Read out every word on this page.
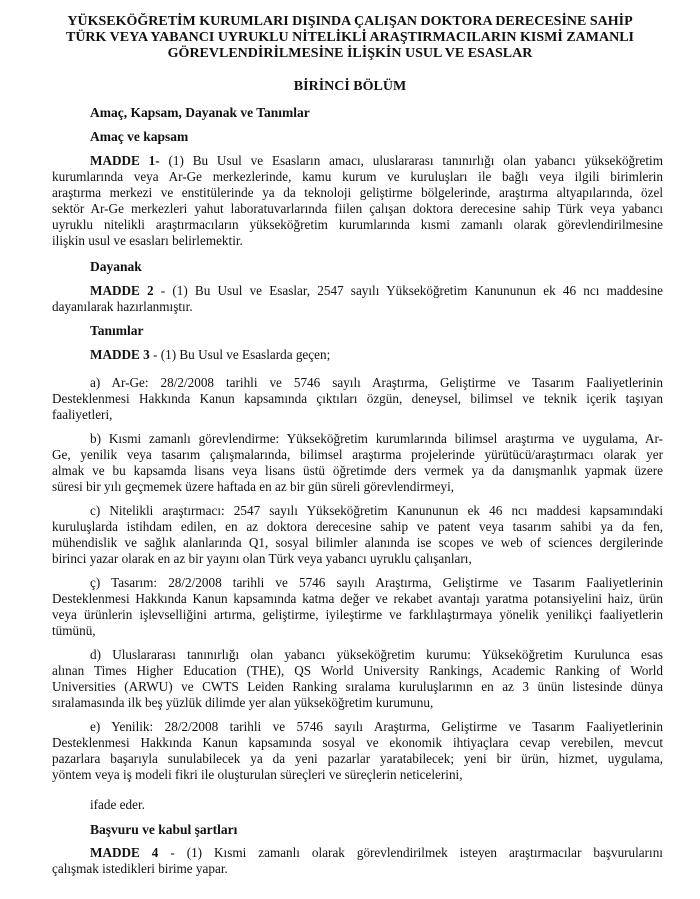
YÜKSEKÖĞRETİM KURUMLARI DIŞINDA ÇALIŞAN DOKTORA DERECESİNE SAHİP
TÜRK VEYA YABANCI UYRUKLU NİTELİKLİ ARAŞTIRMACILARIN KISMİ ZAMANLI
GÖREVLENDİRİLMESİNE İLİŞKİN USUL VE ESASLAR
BİRİNCİ BÖLÜM
Amaç, Kapsam, Dayanak ve Tanımlar
Amaç ve kapsam
MADDE 1- (1) Bu Usul ve Esasların amacı, uluslararası tanınırlığı olan yabancı yükseköğretim
kurumlarında veya Ar-Ge merkezlerinde, kamu kurum ve kuruluşları ile bağlı veya ilgili birimlerin
araştırma merkezi ve enstitülerinde ya da teknoloji geliştirme bölgelerinde, araştırma altyapılarında, özel
sektör Ar-Ge merkezleri yahut laboratuvarlarında fiilen çalışan doktora derecesine sahip Türk veya yabancı
uyruklu nitelikli araştırmacıların yükseköğretim kurumlarında kısmi zamanlı olarak görevlendirilmesine
ilişkin usul ve esasları belirlemektir.
Dayanak
MADDE 2 - (1) Bu Usul ve Esaslar, 2547 sayılı Yükseköğretim Kanununun ek 46 ncı maddesine
dayanılarak hazırlanmıştır.
Tanımlar

MADDE 3 - (1) Bu Usul ve Esaslarda geçen;

a) Ar-Ge: 28/2/2008 tarihli ve 5746 sayılı Araştırma, Geliştirme ve Tasarım Faaliyetlerinin
Desteklenmesi Hakkında Kanun kapsamında çıktıları özgün, deneysel, bilimsel ve teknik içerik taşıyan
faaliyetleri,
b) Kısmi zamanlı görevlendirme: Yükseköğretim kurumlarında bilimsel araştırma ve uygulama, Ar-
Ge, yenilik veya tasarım çalışmalarında, bilimsel araştırma projelerinde yürütücü/araştırmacı olarak yer
almak ve bu kapsamda lisans veya lisans üstü öğretimde ders vermek ya da danışmanlık yapmak üzere
süresi bir yılı geçmemek üzere haftada en az bir gün süreli görevlendirmeyi,
c) Nitelikli araştırmacı: 2547 sayılı Yükseköğretim Kanununun ek 46 ncı maddesi kapsamındaki
kuruluşlarda istihdam edilen, en az doktora derecesine sahip ve patent veya tasarım sahibi ya da fen,
mühendislik ve sağlık alanlarında Q1, sosyal bilimler alanında ise scopes ve web of sciences dergilerinde
birinci yazar olarak en az bir yayını olan Türk veya yabancı uyruklu çalışanları,
ç) Tasarım: 28/2/2008 tarihli ve 5746 sayılı Araştırma, Geliştirme ve Tasarım Faaliyetlerinin
Desteklenmesi Hakkında Kanun kapsamında katma değer ve rekabet avantajı yaratma potansiyelini haiz, ürün
veya ürünlerin işlevselliğini artırma, geliştirme, iyileştirme ve farklılaştırmaya yönelik yenilikçi faaliyetlerin
tümünü,
d) Uluslararası tanınırlığı olan yabancı yükseköğretim kurumu: Yükseköğretim Kurulunca esas
alınan Times Higher Education (THE), QS World University Rankings, Academic Ranking of World
Universities (ARWU) ve CWTS Leiden Ranking sıralama kuruluşlarının en az 3 ünün listesinde dünya
sıralamasında ilk beş yüzlük dilimde yer alan yükseköğretim kurumunu,
e) Yenilik: 28/2/2008 tarihli ve 5746 sayılı Araştırma, Geliştirme ve Tasarım Faaliyetlerinin
Desteklenmesi Hakkında Kanun kapsamında sosyal ve ekonomik ihtiyaçlara cevap verebilen, mevcut
pazarlara başarıyla sunulabilecek ya da yeni pazarlar yaratabilecek; yeni bir ürün, hizmet, uygulama,
yöntem veya iş modeli fikri ile oluşturulan süreçleri ve süreçlerin neticelerini,

ifade eder.

Başvuru ve kabul şartları
MADDE 4 - (1) Kısmi zamanlı olarak görevlendirilmek isteyen araştırmacılar başvurularını
çalışmak istedikleri birime yapar.
